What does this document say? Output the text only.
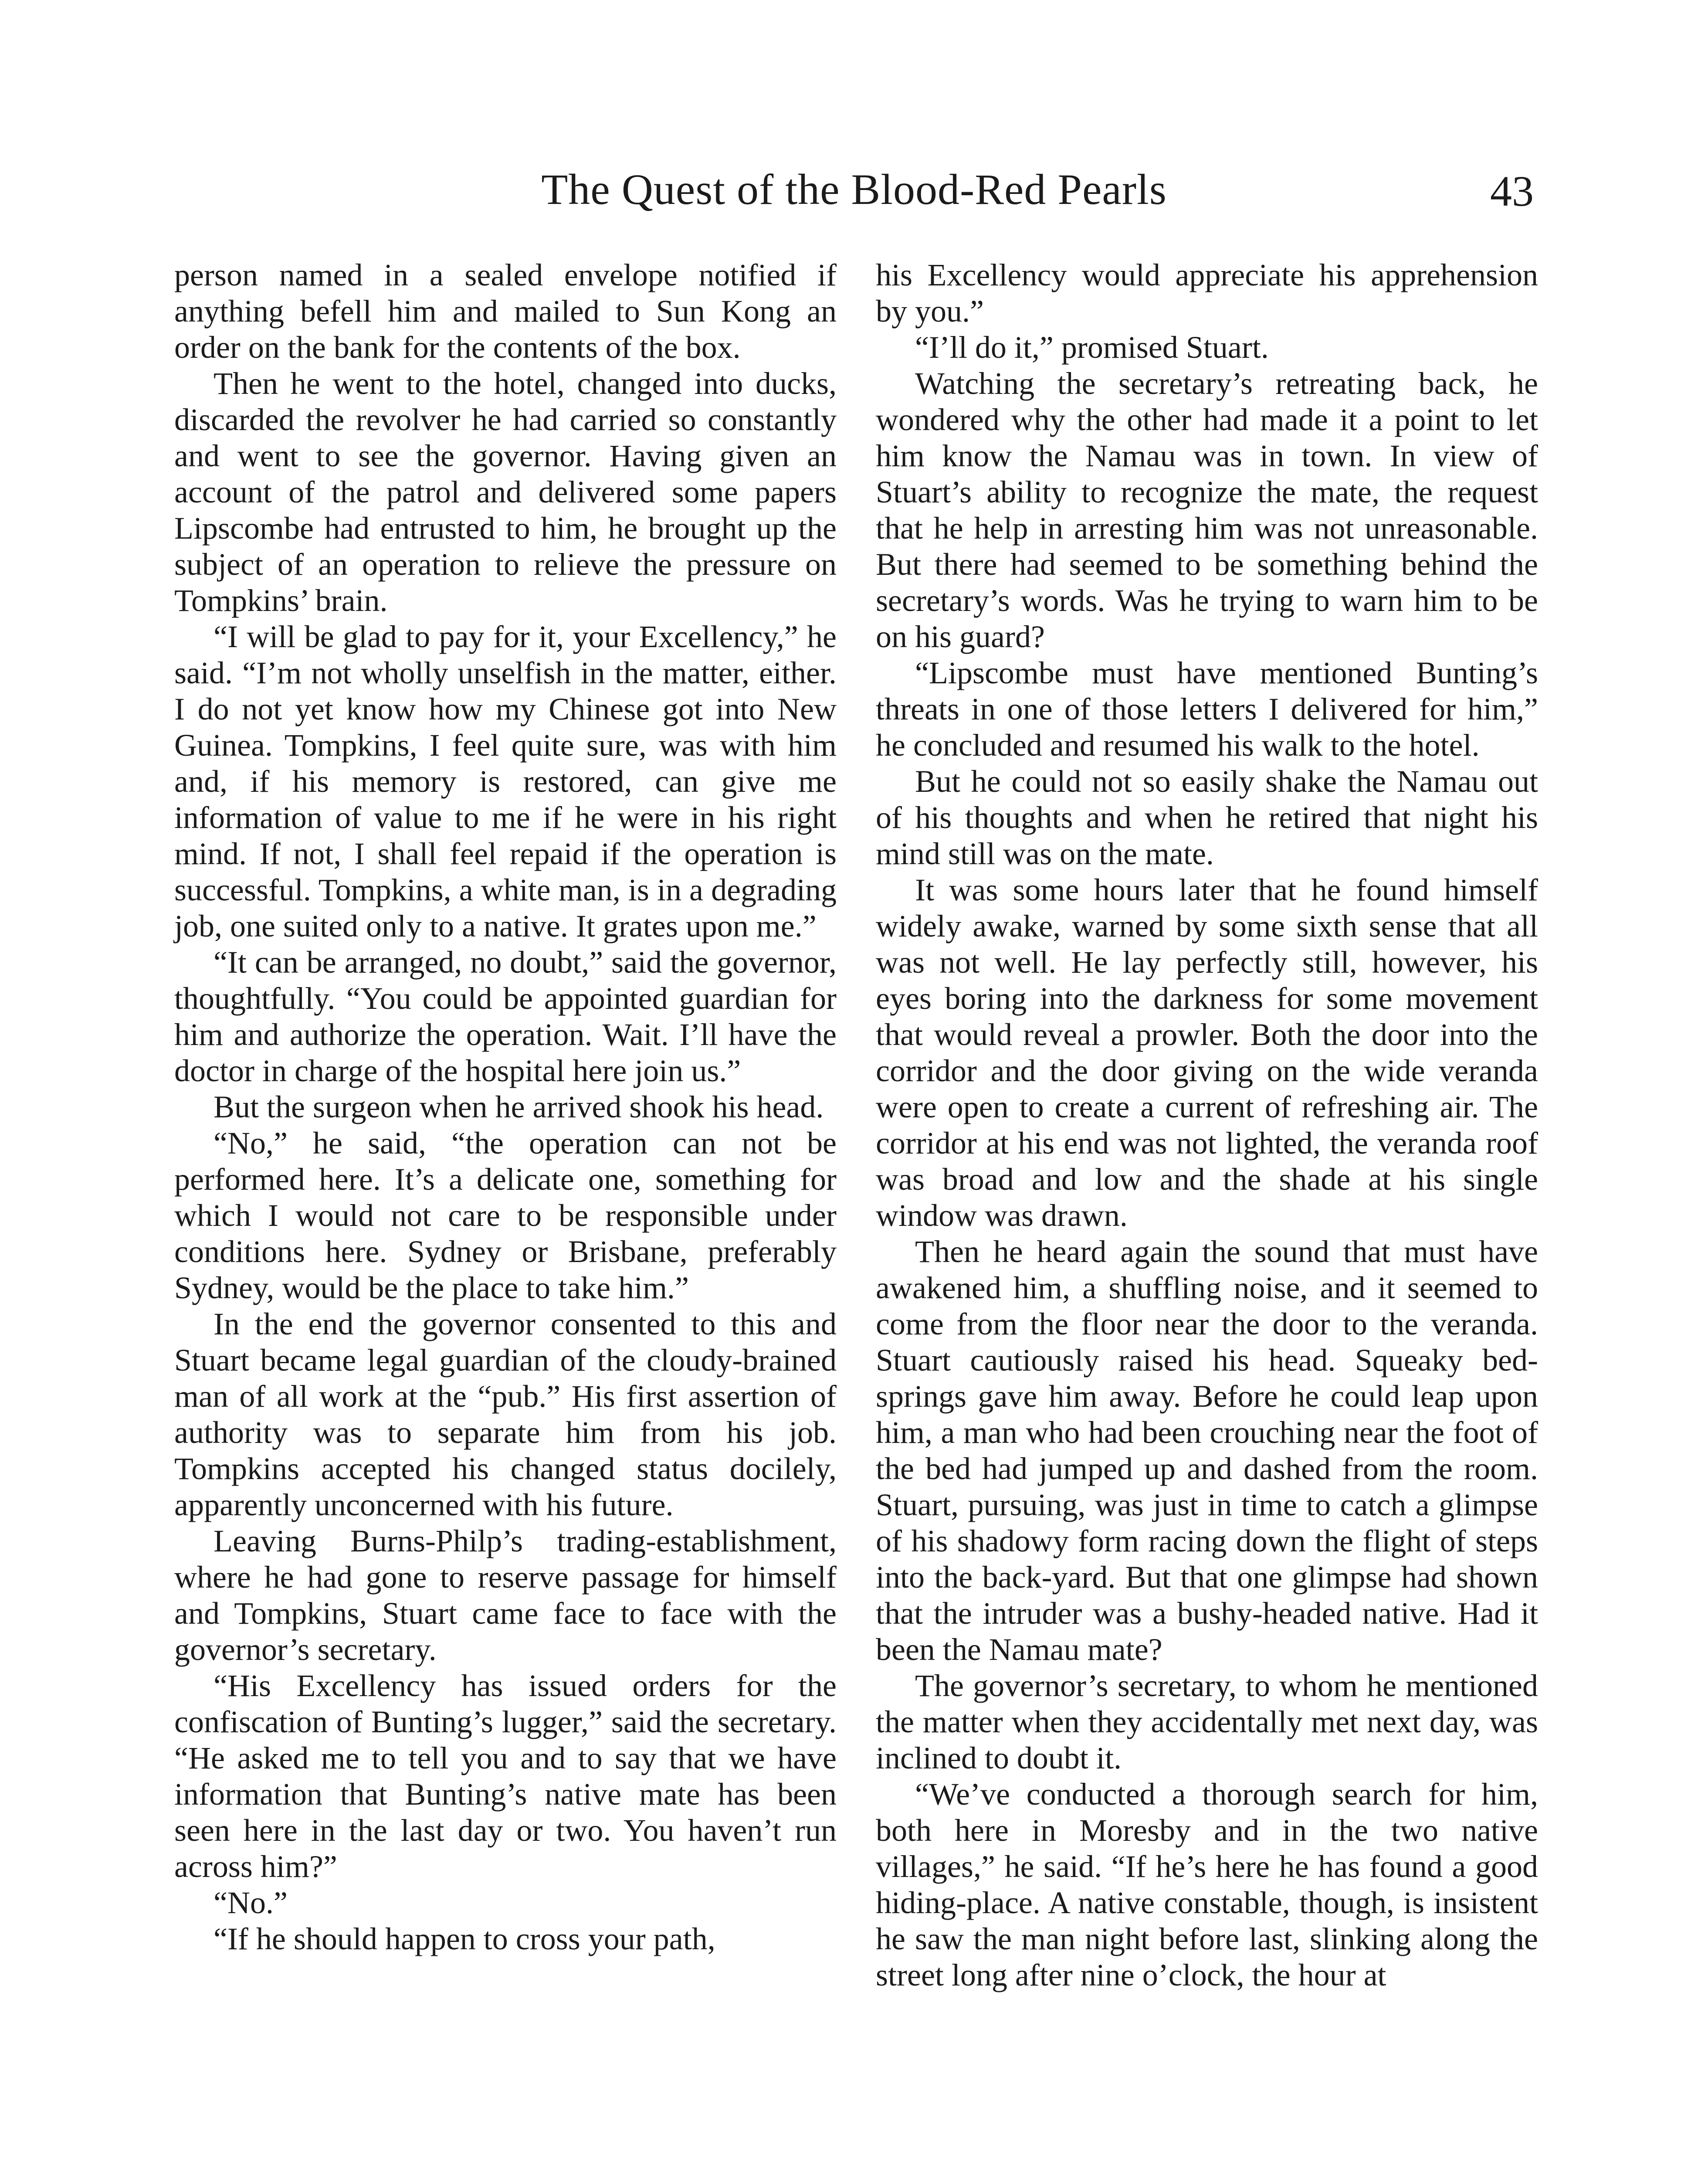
The Quest of the Blood-Red Pearls	43

person named in a sealed envelope notified if anything befell him and mailed to Sun Kong an order on the bank for the contents of the box.

Then he went to the hotel, changed into ducks, discarded the revolver he had carried so constantly and went to see the governor. Having given an account of the patrol and delivered some papers Lipscombe had entrusted to him, he brought up the subject of an operation to relieve the pressure on Tompkins’ brain.

“I will be glad to pay for it, your Excellency,” he said. “I’m not wholly unselfish in the matter, either. I do not yet know how my Chinese got into New Guinea. Tompkins, I feel quite sure, was with him and, if his memory is restored, can give me information of value to me if he were in his right mind. If not, I shall feel repaid if the operation is successful. Tompkins, a white man, is in a degrading job, one suited only to a native. It grates upon me.”

“It can be arranged, no doubt,” said the governor, thoughtfully. “You could be appointed guardian for him and authorize the operation. Wait. I’ll have the doctor in charge of the hospital here join us.”

But the surgeon when he arrived shook his head.

“No,” he said, “the operation can not be performed here. It’s a delicate one, something for which I would not care to be responsible under conditions here. Sydney or Brisbane, preferably Sydney, would be the place to take him.”

In the end the governor consented to this and Stuart became legal guardian of the cloudy-brained man of all work at the “pub.” His first assertion of authority was to separate him from his job. Tompkins accepted his changed status docilely, apparently unconcerned with his future.

Leaving Burns-Philp’s trading-establishment, where he had gone to reserve passage for himself and Tompkins, Stuart came face to face with the governor’s secretary.

“His Excellency has issued orders for the confiscation of Bunting’s lugger,” said the secretary. “He asked me to tell you and to say that we have information that Bunting’s native mate has been seen here in the last day or two. You haven’t run across him?”

“No.”

“If he should happen to cross your path,

his Excellency would appreciate his apprehension by you.”

“I’ll do it,” promised Stuart.

Watching the secretary’s retreating back, he wondered why the other had made it a point to let him know the Namau was in town. In view of Stuart’s ability to recognize the mate, the request that he help in arresting him was not unreasonable. But there had seemed to be something behind the secretary’s words. Was he trying to warn him to be on his guard?

“Lipscombe must have mentioned Bunting’s threats in one of those letters I delivered for him,” he concluded and resumed his walk to the hotel.

But he could not so easily shake the Namau out of his thoughts and when he retired that night his mind still was on the mate.

It was some hours later that he found himself widely awake, warned by some sixth sense that all was not well. He lay perfectly still, however, his eyes boring into the darkness for some movement that would reveal a prowler. Both the door into the corridor and the door giving on the wide veranda were open to create a current of refreshing air. The corridor at his end was not lighted, the veranda roof was broad and low and the shade at his single window was drawn.

Then he heard again the sound that must have awakened him, a shuffling noise, and it seemed to come from the floor near the door to the veranda. Stuart cautiously raised his head. Squeaky bed-springs gave him away. Before he could leap upon him, a man who had been crouching near the foot of the bed had jumped up and dashed from the room. Stuart, pursuing, was just in time to catch a glimpse of his shadowy form racing down the flight of steps into the back-yard. But that one glimpse had shown that the intruder was a bushy-headed native. Had it been the Namau mate?

The governor’s secretary, to whom he mentioned the matter when they accidentally met next day, was inclined to doubt it.

“We’ve conducted a thorough search for him, both here in Moresby and in the two native villages,” he said. “If he’s here he has found a good hiding-place. A native constable, though, is insistent he saw the man night before last, slinking along the street long after nine o’clock, the hour at
